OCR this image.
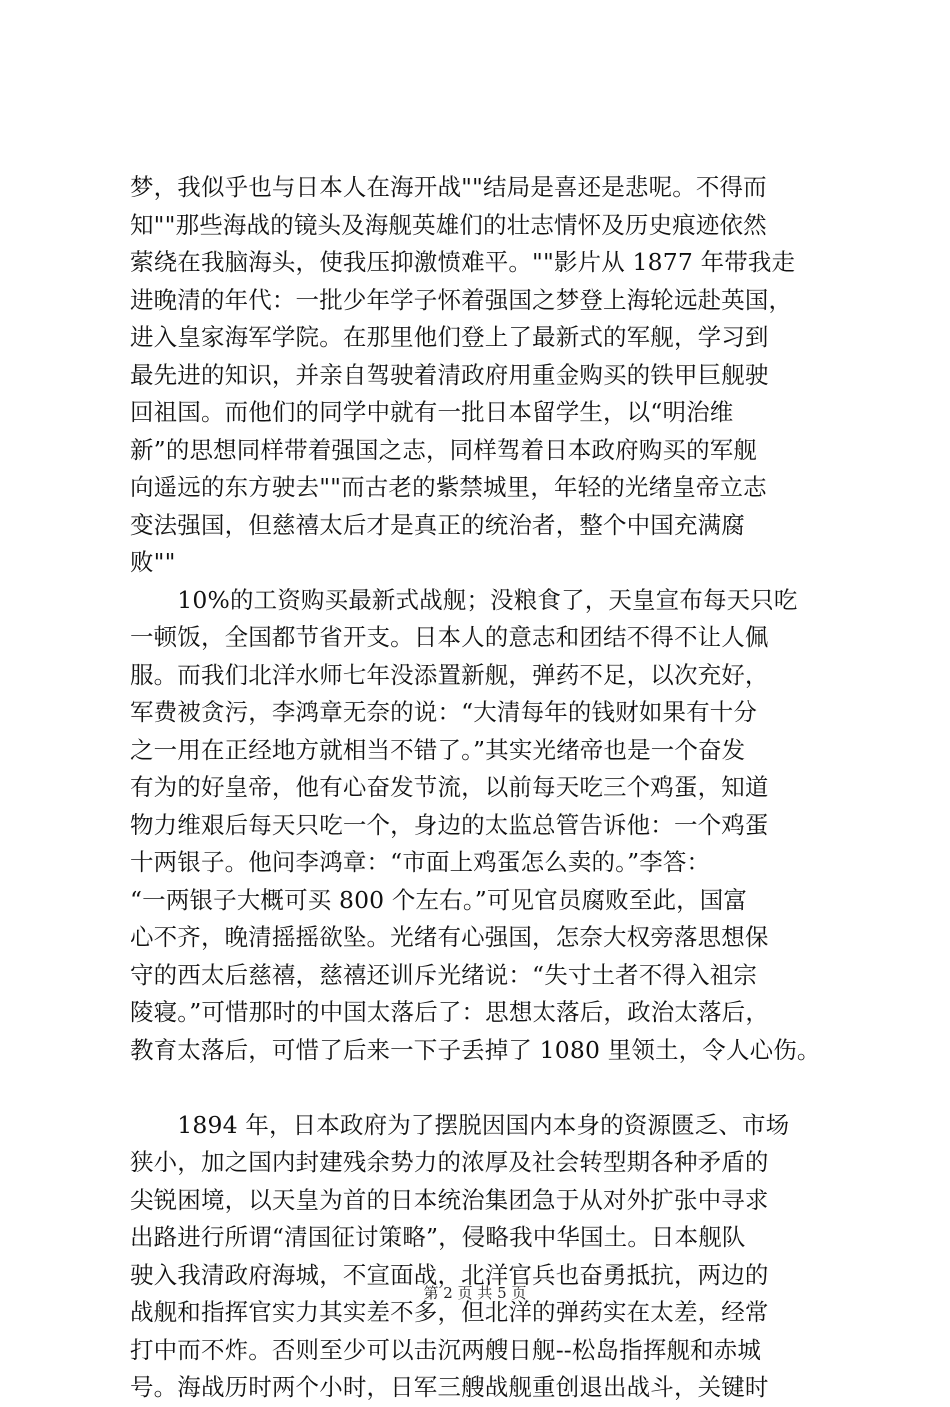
梦，我似乎也与日本人在海开战""结局是喜还是悲呢。不得而
知""那些海战的镜头及海舰英雄们的壮志情怀及历史痕迹依然
萦绕在我脑海头，使我压抑激愤难平。""影片从 1877 年带我走
进晚清的年代：一批少年学子怀着强国之梦登上海轮远赴英国，
进入皇家海军学院。在那里他们登上了最新式的军舰，学习到
最先进的知识，并亲自驾驶着清政府用重金购买的铁甲巨舰驶
回祖国。而他们的同学中就有一批日本留学生，以“明治维
新”的思想同样带着强国之志，同样驾着日本政府购买的军舰
向遥远的东方驶去""而古老的紫禁城里，年轻的光绪皇帝立志
变法强国，但慈禧太后才是真正的统治者，整个中国充满腐
败""
　　10%的工资购买最新式战舰；没粮食了，天皇宣布每天只吃
一顿饭，全国都节省开支。日本人的意志和团结不得不让人佩
服。而我们北洋水师七年没添置新舰，弹药不足，以次充好，
军费被贪污，李鸿章无奈的说：“大清每年的钱财如果有十分
之一用在正经地方就相当不错了。”其实光绪帝也是一个奋发
有为的好皇帝，他有心奋发节流，以前每天吃三个鸡蛋，知道
物力维艰后每天只吃一个，身边的太监总管告诉他：一个鸡蛋
十两银子。他问李鸿章：“市面上鸡蛋怎么卖的。”李答：
“一两银子大概可买 800 个左右。”可见官员腐败至此，国富
心不齐，晚清摇摇欲坠。光绪有心强国，怎奈大权旁落思想保
守的西太后慈禧，慈禧还训斥光绪说：“失寸土者不得入祖宗
陵寝。”可惜那时的中国太落后了：思想太落后，政治太落后，
教育太落后，可惜了后来一下子丢掉了 1080 里领土，令人心伤。
　　1894 年，日本政府为了摆脱因国内本身的资源匮乏、市场
狭小，加之国内封建残余势力的浓厚及社会转型期各种矛盾的
尖锐困境，以天皇为首的日本统治集团急于从对外扩张中寻求
出路进行所谓“清国征讨策略”，侵略我中华国土。日本舰队
驶入我清政府海城，不宣面战，北洋官兵也奋勇抵抗，两边的
战舰和指挥官实力其实差不多，但北洋的弹药实在太差，经常
打中而不炸。否则至少可以击沉两艘日舰--松岛指挥舰和赤城
号。海战历时两个小时，日军三艘战舰重创退出战斗，关键时
第 2 页 共 5 页
